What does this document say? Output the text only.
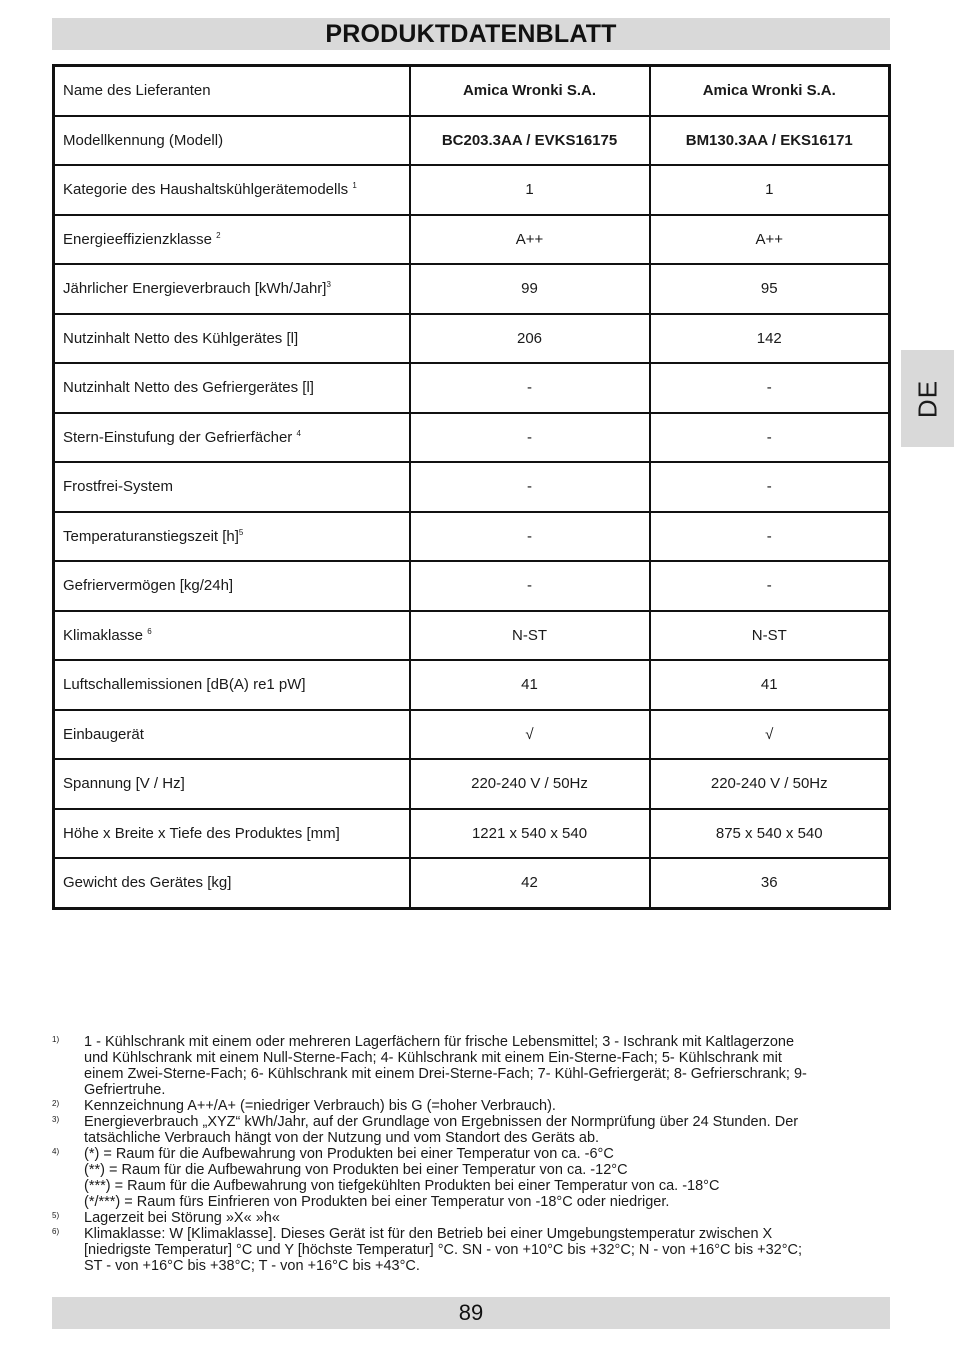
PRODUKTDATENBLATT
Name des Lieferanten	Amica Wronki S.A.	Amica Wronki S.A.
Modellkennung (Modell)	BC203.3AA / EVKS16175	BM130.3AA / EKS16171
Kategorie des Haushaltskühlgerätemodells $^1$	1	1
Energieeffizienzklasse $^2$	A++	A++
Jährlicher Energieverbrauch [kWh/Jahr]$^3$	99	95
Nutzinhalt Netto des Kühlgerätes [l]	206	142
Nutzinhalt Netto des Gefriergerätes [l]	-	-
Stern-Einstufung der Gefrierfächer $^4$	-	-
Frostfrei-System	-	-
Temperaturanstiegszeit $[h]^5$	-	-
Gefriervermögen [kg/24h]	-	-
Klimaklasse $^6$	N-ST	N-ST
Luftschallemissionen [dB(A) re1 pW]	41	41
Einbaugerät	√	√
Spannung [V / Hz]	220-240 V / 50Hz	220-240 V / 50Hz
Höhe x Breite x Tiefe des Produktes [mm]	1221 x 540 x 540	875 x 540 x 540
Gewicht des Gerätes [kg]	42	36
DE
1)	1 - Kühlschrank mit einem oder mehreren Lagerfächern für frische Lebensmittel; 3 - Ischrank mit Kaltlagerzone
und Kühlschrank mit einem Null-Sterne-Fach; 4- Kühlschrank mit einem Ein-Sterne-Fach; 5- Kühlschrank mit
einem Zwei-Sterne-Fach; 6- Kühlschrank mit einem Drei-Sterne-Fach; 7- Kühl-Gefriergerät; 8- Gefrierschrank; 9-
Gefriertruhe.
2)	Kennzeichnung A++/A+ (=niedriger Verbrauch) bis G (=hoher Verbrauch).
3)	Energieverbrauch „XYZ“ kWh/Jahr, auf der Grundlage von Ergebnissen der Normprüfung über 24 Stunden. Der
tatsächliche Verbrauch hängt von der Nutzung und vom Standort des Geräts ab.
4)	(*) = Raum für die Aufbewahrung von Produkten bei einer Temperatur von ca. -6°C
(**) = Raum für die Aufbewahrung von Produkten bei einer Temperatur von ca. -12°C
(***) = Raum für die Aufbewahrung von tiefgekühlten Produkten bei einer Temperatur von ca. -18°C
(*/***) = Raum fürs Einfrieren von Produkten bei einer Temperatur von -18°C oder niedriger.
5)	Lagerzeit bei Störung »X« »h«
6)	Klimaklasse: W [Klimaklasse]. Dieses Gerät ist für den Betrieb bei einer Umgebungstemperatur zwischen X
[niedrigste Temperatur] °C und Y [höchste Temperatur] °C. SN - von +10°C bis +32°C; N - von +16°C bis +32°C;
ST - von +16°C bis +38°C; T - von +16°C bis +43°C.
89
